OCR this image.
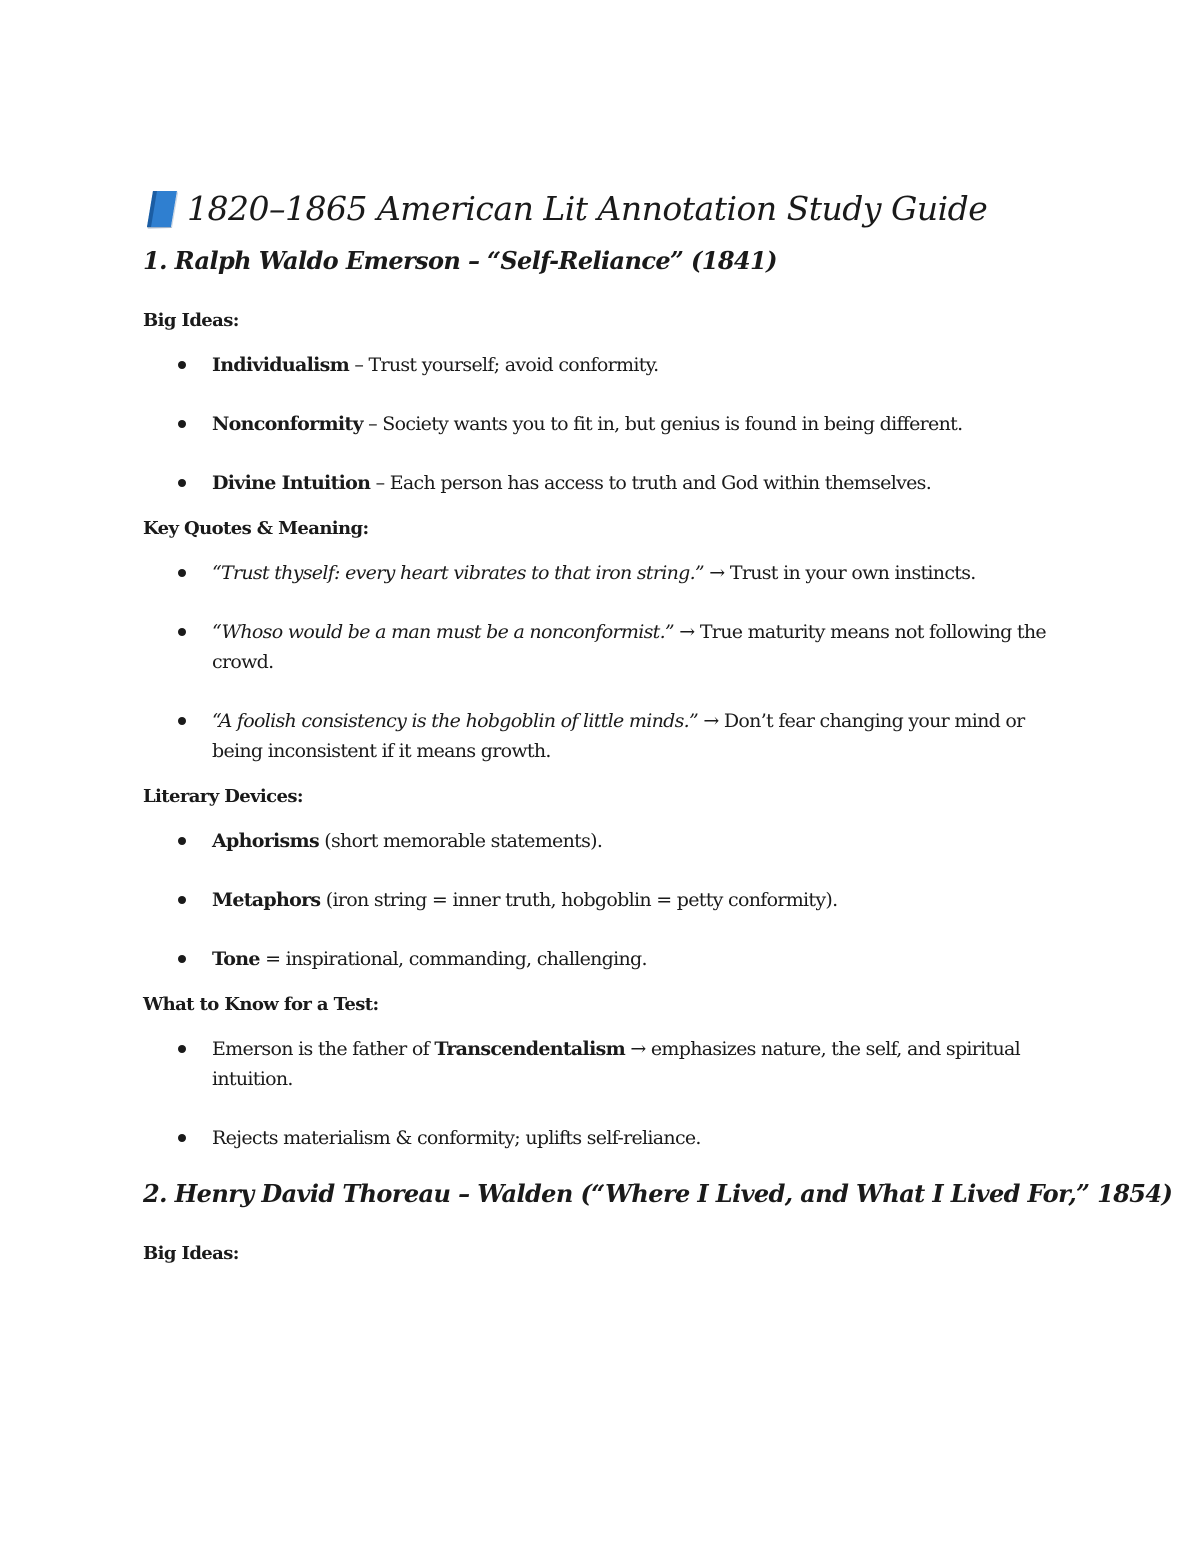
1820–1865 American Lit Annotation Study Guide
1. Ralph Waldo Emerson – “Self-Reliance” (1841)
Big Ideas:
Individualism – Trust yourself; avoid conformity.
Nonconformity – Society wants you to fit in, but genius is found in being different.
Divine Intuition – Each person has access to truth and God within themselves.
Key Quotes & Meaning:
“Trust thyself: every heart vibrates to that iron string.” → Trust in your own instincts.
“Whoso would be a man must be a nonconformist.” → True maturity means not following the crowd.
“A foolish consistency is the hobgoblin of little minds.” → Don’t fear changing your mind or being inconsistent if it means growth.
Literary Devices:
Aphorisms (short memorable statements).
Metaphors (iron string = inner truth, hobgoblin = petty conformity).
Tone = inspirational, commanding, challenging.
What to Know for a Test:
Emerson is the father of Transcendentalism → emphasizes nature, the self, and spiritual intuition.
Rejects materialism & conformity; uplifts self-reliance.
2. Henry David Thoreau – Walden (“Where I Lived, and What I Lived For,” 1854)
Big Ideas:
